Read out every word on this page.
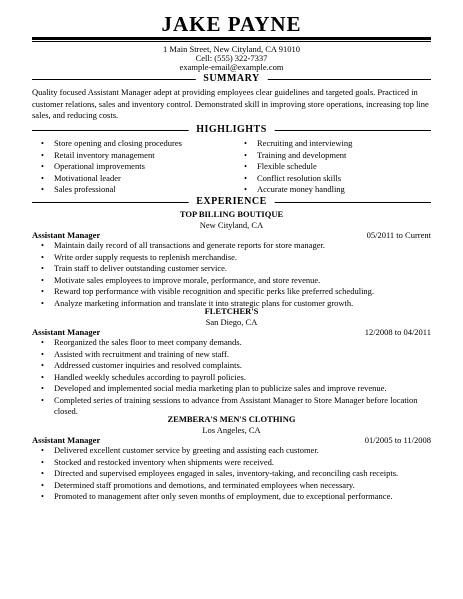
JAKE PAYNE
1 Main Street, New Cityland, CA 91010
Cell: (555) 322-7337
example-email@example.com
SUMMARY
Quality focused Assistant Manager adept at providing employees clear guidelines and targeted goals. Practiced in customer relations, sales and inventory control. Demonstrated skill in improving store operations, increasing top line sales, and reducing costs.
HIGHLIGHTS
• Store opening and closing procedures
• Retail inventory management
• Operational improvements
• Motivational leader
• Sales professional
• Recruiting and interviewing
• Training and development
• Flexible schedule
• Conflict resolution skills
• Accurate money handling
EXPERIENCE
TOP BILLING BOUTIQUE
New Cityland, CA
Assistant Manager	05/2011 to Current
• Maintain daily record of all transactions and generate reports for store manager.
• Write order supply requests to replenish merchandise.
• Train staff to deliver outstanding customer service.
• Motivate sales employees to improve morale, performance, and store revenue.
• Reward top performance with visible recognition and specific perks like preferred scheduling.
• Analyze marketing information and translate it into strategic plans for customer growth.
FLETCHER'S
San Diego, CA
Assistant Manager	12/2008 to 04/2011
• Reorganized the sales floor to meet company demands.
• Assisted with recruitment and training of new staff.
• Addressed customer inquiries and resolved complaints.
• Handled weekly schedules according to payroll policies.
• Developed and implemented social media marketing plan to publicize sales and improve revenue.
• Completed series of training sessions to advance from Assistant Manager to Store Manager before location closed.
ZEMBERA'S MEN'S CLOTHING
Los Angeles, CA
Assistant Manager	01/2005 to 11/2008
• Delivered excellent customer service by greeting and assisting each customer.
• Stocked and restocked inventory when shipments were received.
• Directed and supervised employees engaged in sales, inventory-taking, and reconciling cash receipts.
• Determined staff promotions and demotions, and terminated employees when necessary.
• Promoted to management after only seven months of employment, due to exceptional performance.
